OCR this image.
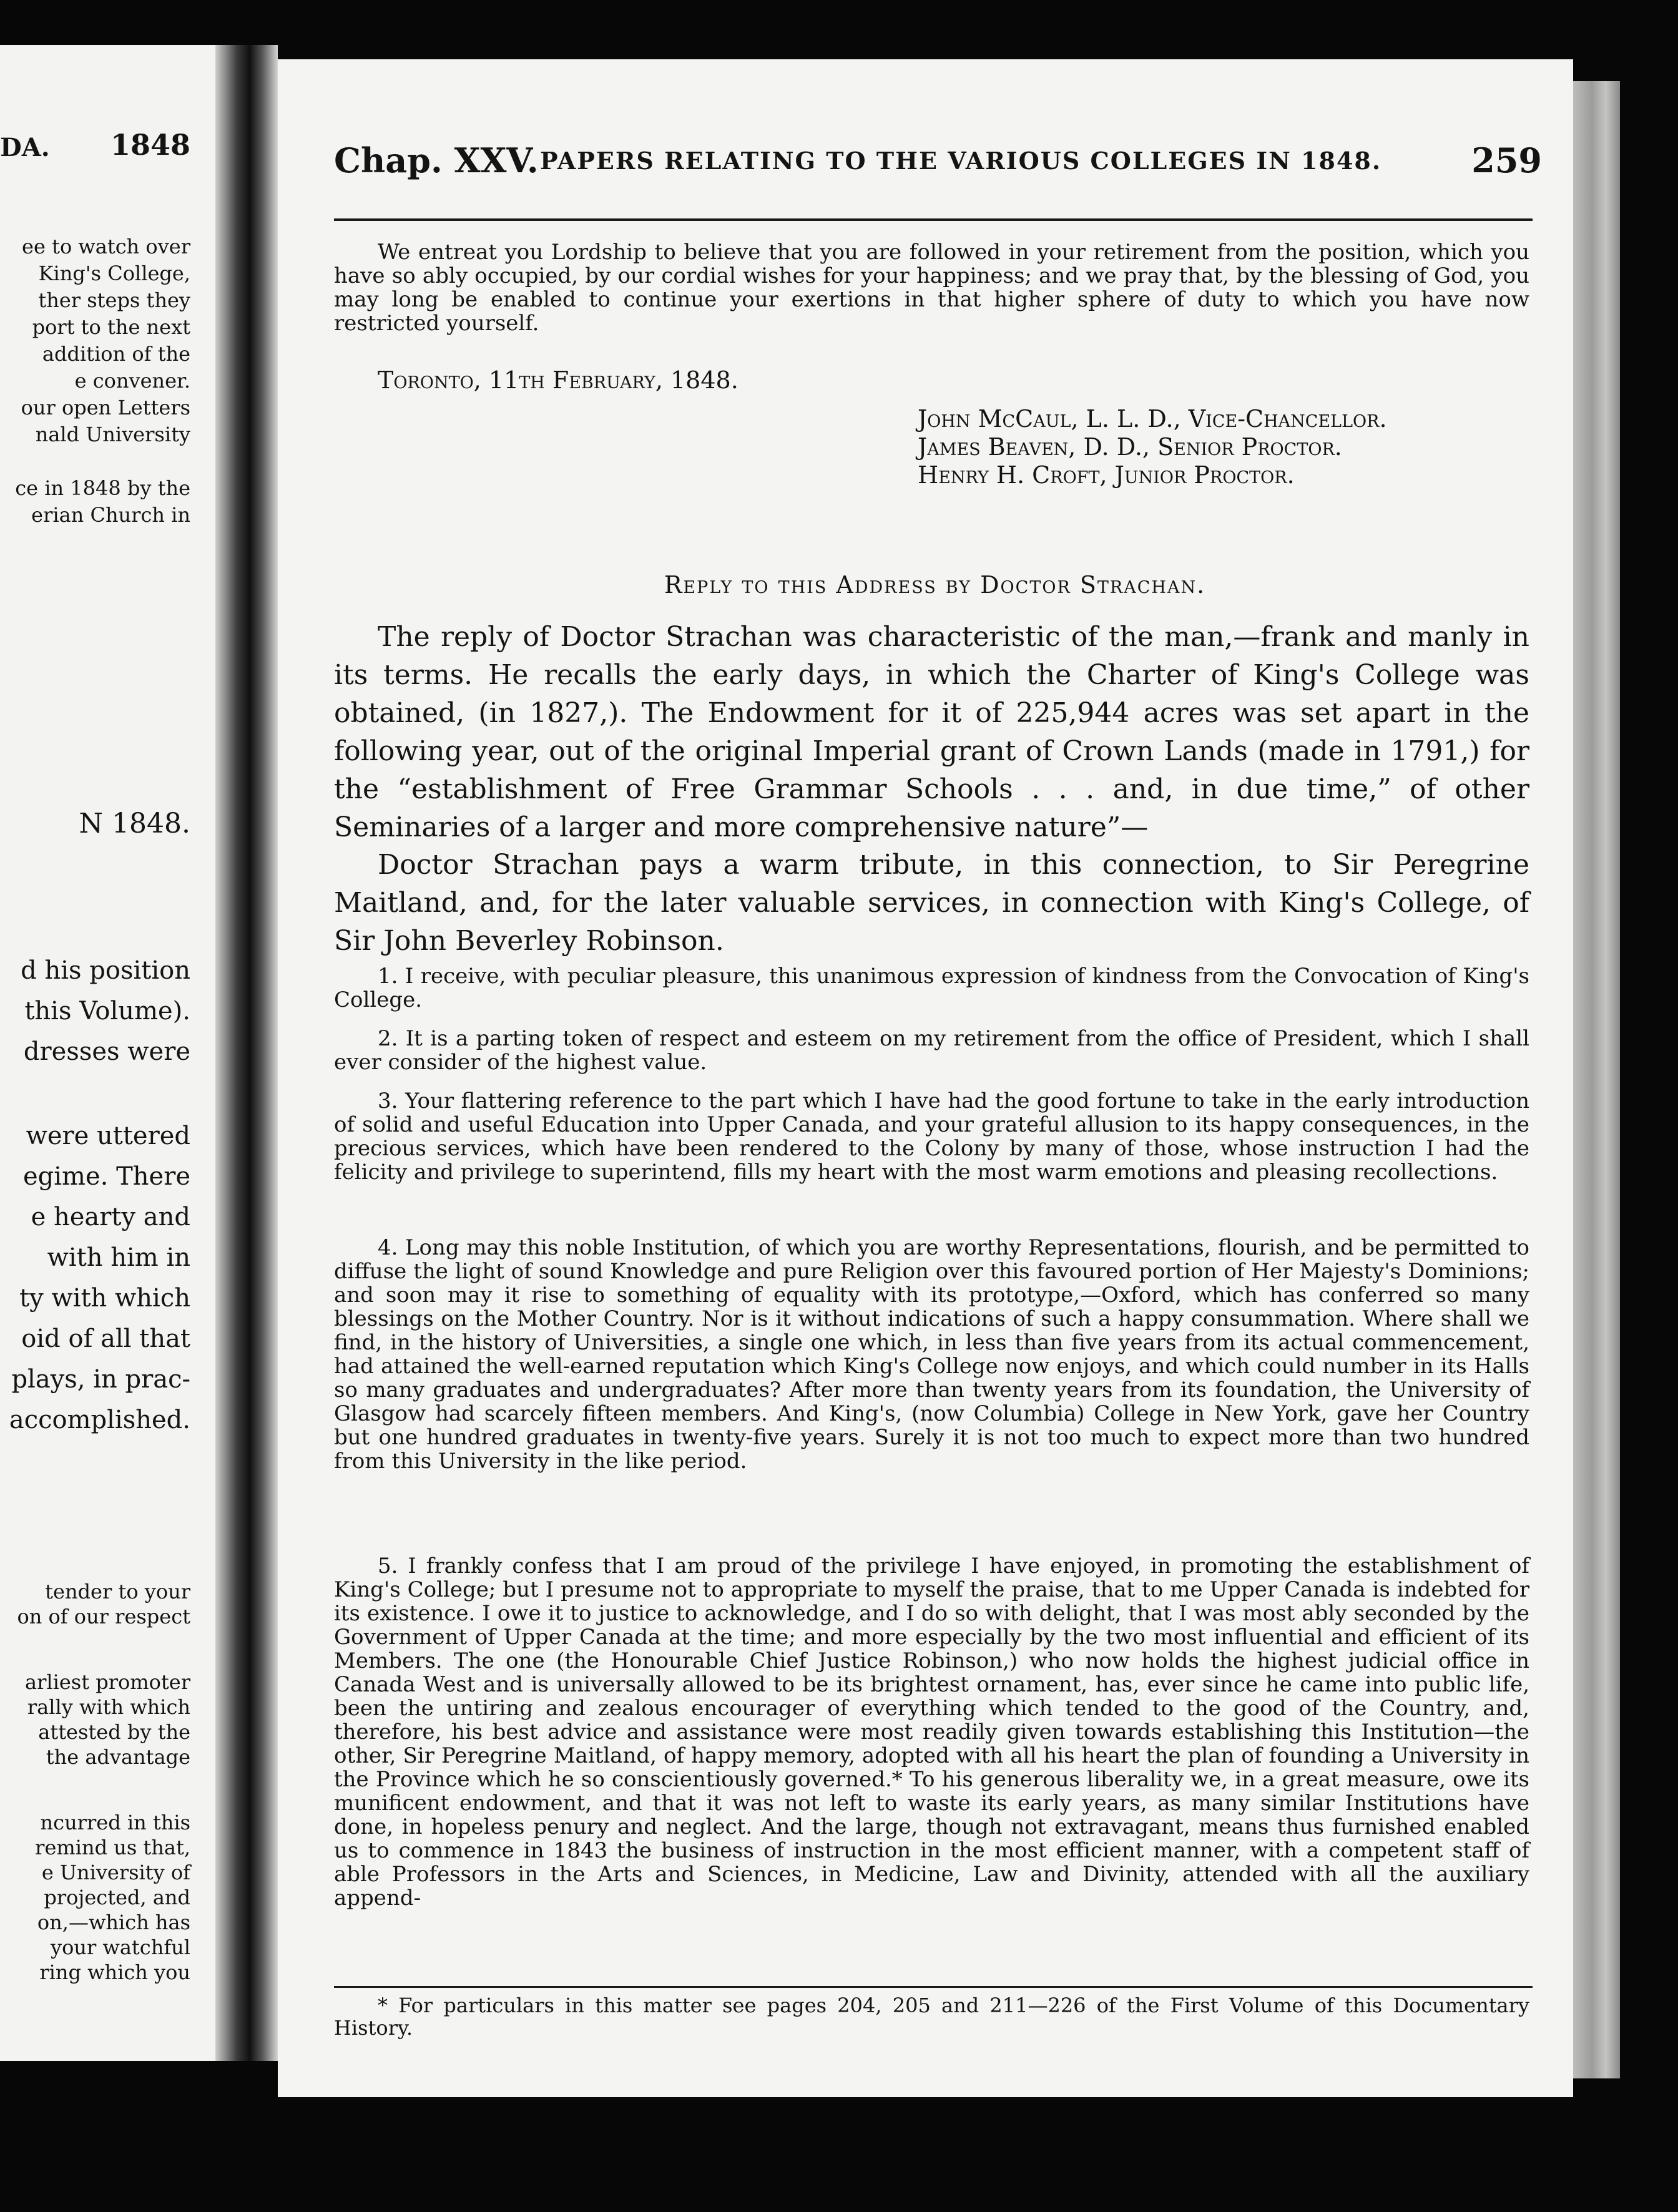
DA. 1848
ee to watch over
King's College,
ther steps they
port to the next
addition of the
e convener.
our open Letters
nald University
ce in 1848 by the
erian Church in
N 1848.
d his position
this Volume).
dresses were
were uttered
egime. There
e hearty and
with him in
ty with which
oid of all that
plays, in prac-
accomplished.
tender to your
on of our respect
arliest promoter
rally with which
attested by the
the advantage
ncurred in this
remind us that,
e University of
projected, and
on,—which has
your watchful
ring which you
Chap. XXV. PAPERS RELATING TO THE VARIOUS COLLEGES IN 1848.	259

We entreat you Lordship to believe that you are followed in your retirement from the position, which you have so ably occupied, by our cordial wishes for your happiness; and we pray that, by the blessing of God, you may long be enabled to continue your exertions in that higher sphere of duty to which you have now restricted yourself.

Toronto, 11th February, 1848.
John McCaul, L. L. D., Vice-Chancellor.
James Beaven, D. D., Senior Proctor.
Henry H. Croft, Junior Proctor.
Reply to this Address by Doctor Strachan.

The reply of Doctor Strachan was characteristic of the man,—frank and manly in its terms. He recalls the early days, in which the Charter of King's College was obtained, (in 1827,). The Endowment for it of 225,944 acres was set apart in the following year, out of the original Imperial grant of Crown Lands (made in 1791,) for the “establishment of Free Grammar Schools . . . and, in due time,” of other Seminaries of a larger and more comprehensive nature”—

Doctor Strachan pays a warm tribute, in this connection, to Sir Peregrine Maitland, and, for the later valuable services, in connection with King's College, of Sir John Beverley Robinson.

1. I receive, with peculiar pleasure, this unanimous expression of kindness from the Convocation of King's College.

2. It is a parting token of respect and esteem on my retirement from the office of President, which I shall ever consider of the highest value.

3. Your flattering reference to the part which I have had the good fortune to take in the early introduction of solid and useful Education into Upper Canada, and your grateful allusion to its happy consequences, in the precious services, which have been rendered to the Colony by many of those, whose instruction I had the felicity and privilege to superintend, fills my heart with the most warm emotions and pleasing recollections.

4. Long may this noble Institution, of which you are worthy Representations, flourish, and be permitted to diffuse the light of sound Knowledge and pure Religion over this favoured portion of Her Majesty's Dominions; and soon may it rise to something of equality with its prototype,—Oxford, which has conferred so many blessings on the Mother Country. Nor is it without indications of such a happy consummation. Where shall we find, in the history of Universities, a single one which, in less than five years from its actual commencement, had attained the well-earned reputation which King's College now enjoys, and which could number in its Halls so many graduates and undergraduates? After more than twenty years from its foundation, the University of Glasgow had scarcely fifteen members. And King's, (now Columbia) College in New York, gave her Country but one hundred graduates in twenty-five years. Surely it is not too much to expect more than two hundred from this University in the like period.

5. I frankly confess that I am proud of the privilege I have enjoyed, in promoting the establishment of King's College; but I presume not to appropriate to myself the praise, that to me Upper Canada is indebted for its existence. I owe it to justice to acknowledge, and I do so with delight, that I was most ably seconded by the Government of Upper Canada at the time; and more especially by the two most influential and efficient of its Members. The one (the Honourable Chief Justice Robinson,) who now holds the highest judicial office in Canada West and is universally allowed to be its brightest ornament, has, ever since he came into public life, been the untiring and zealous encourager of everything which tended to the good of the Country, and, therefore, his best advice and assistance were most readily given towards establishing this Institution—the other, Sir Peregrine Maitland, of happy memory, adopted with all his heart the plan of founding a University in the Province which he so conscientiously governed.* To his generous liberality we, in a great measure, owe its munificent endowment, and that it was not left to waste its early years, as many similar Institutions have done, in hopeless penury and neglect. And the large, though not extravagant, means thus furnished enabled us to commence in 1843 the business of instruction in the most efficient manner, with a competent staff of able Professors in the Arts and Sciences, in Medicine, Law and Divinity, attended with all the auxiliary append-

* For particulars in this matter see pages 204, 205 and 211—226 of the First Volume of this Documentary History.
